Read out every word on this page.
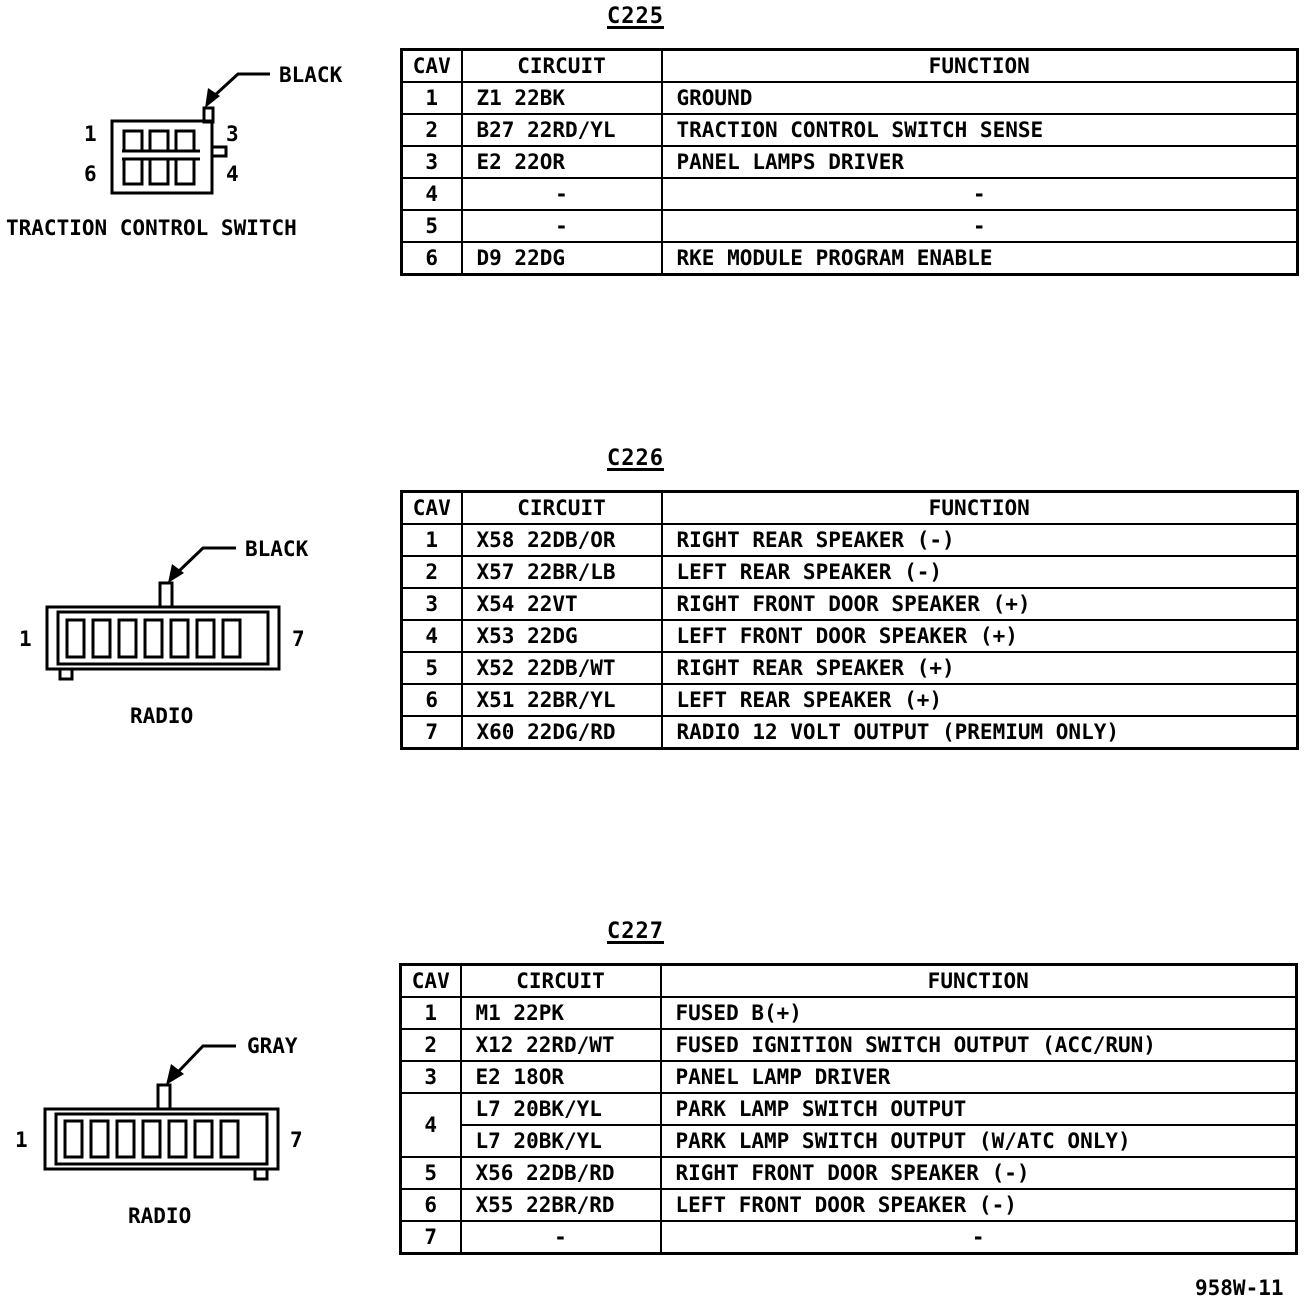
C225
BLACK
1	3
6	4
TRACTION CONTROL SWITCH
CAV	CIRCUIT	FUNCTION
1	Z1 22BK	GROUND
2	B27 22RD/YL	TRACTION CONTROL SWITCH SENSE
3	E2 22OR	PANEL LAMPS DRIVER
4	-	-
5	-	-
6	D9 22DG	RKE MODULE PROGRAM ENABLE
C226
BLACK
1	7
RADIO
CAV	CIRCUIT	FUNCTION
1	X58 22DB/OR	RIGHT REAR SPEAKER (-)
2	X57 22BR/LB	LEFT REAR SPEAKER (-)
3	X54 22VT	RIGHT FRONT DOOR SPEAKER (+)
4	X53 22DG	LEFT FRONT DOOR SPEAKER (+)
5	X52 22DB/WT	RIGHT REAR SPEAKER (+)
6	X51 22BR/YL	LEFT REAR SPEAKER (+)
7	X60 22DG/RD	RADIO 12 VOLT OUTPUT (PREMIUM ONLY)
C227
GRAY
1	7
RADIO
CAV	CIRCUIT	FUNCTION
1	M1 22PK	FUSED B(+)
2	X12 22RD/WT	FUSED IGNITION SWITCH OUTPUT (ACC/RUN)
3	E2 18OR	PANEL LAMP DRIVER
4	L7 20BK/YL	PARK LAMP SWITCH OUTPUT
	L7 20BK/YL	PARK LAMP SWITCH OUTPUT (W/ATC ONLY)
5	X56 22DB/RD	RIGHT FRONT DOOR SPEAKER (-)
6	X55 22BR/RD	LEFT FRONT DOOR SPEAKER (-)
7	-	-
958W-11
